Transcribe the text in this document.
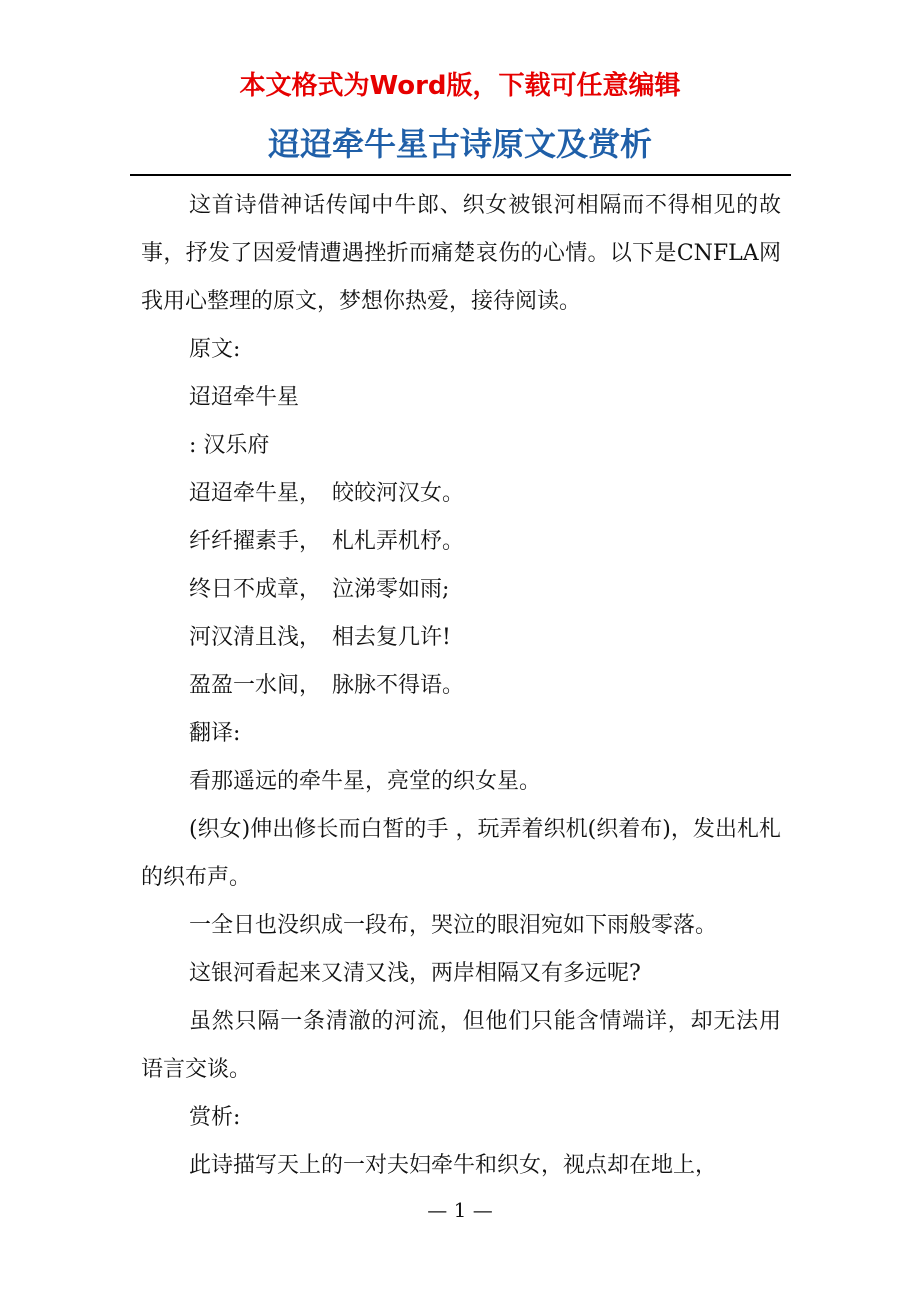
本文格式为Word版，下载可任意编辑
迢迢牵牛星古诗原文及赏析

这首诗借神话传闻中牛郎、织女被银河相隔而不得相见的故事，抒发了因爱情遭遇挫折而痛楚哀伤的心情。以下是CNFLA网我用心整理的原文，梦想你热爱，接待阅读。

原文:

迢迢牵牛星

: 汉乐府

迢迢牵牛星，　皎皎河汉女。

纤纤擢素手，　札札弄机杼。

终日不成章，　泣涕零如雨;

河汉清且浅，　相去复几许!

盈盈一水间，　脉脉不得语。

翻译:

看那遥远的牵牛星，亮堂的织女星。

(织女)伸出修长而白皙的手 ，玩弄着织机(织着布)，发出札札的织布声。

一全日也没织成一段布，哭泣的眼泪宛如下雨般零落。

这银河看起来又清又浅，两岸相隔又有多远呢?

虽然只隔一条清澈的河流，但他们只能含情端详，却无法用语言交谈。

赏析:

此诗描写天上的一对夫妇牵牛和织女，视点却在地上，

— 1 —
